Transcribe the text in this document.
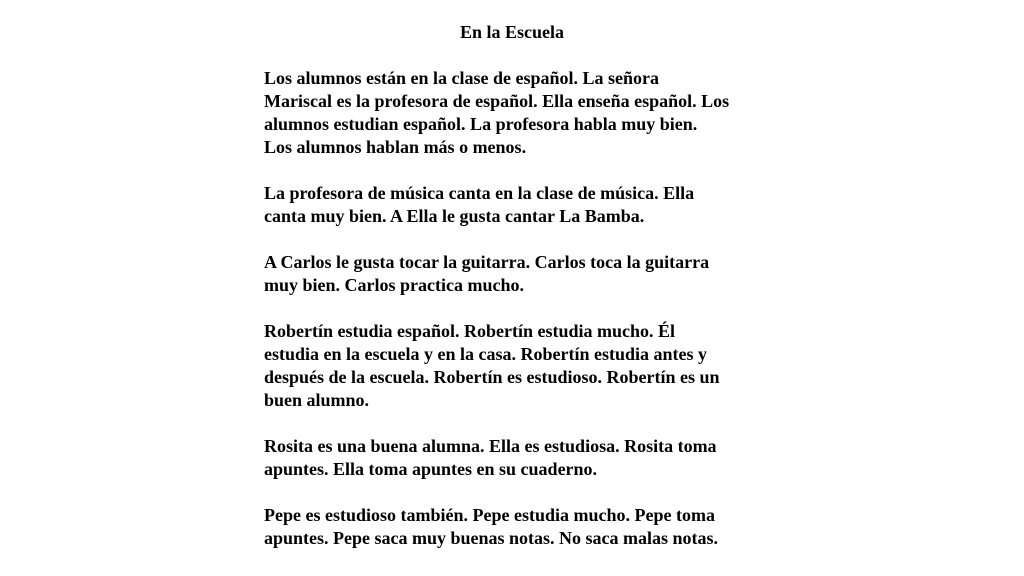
En la Escuela

Los alumnos están en la clase de español. La señora
Mariscal es la profesora de español. Ella enseña español. Los
alumnos estudian español. La profesora habla muy bien.
Los alumnos hablan más o menos.

La profesora de música canta en la clase de música. Ella
canta muy bien. A Ella le gusta cantar La Bamba.

A Carlos le gusta tocar la guitarra. Carlos toca la guitarra
muy bien. Carlos practica mucho.

Robertín estudia español. Robertín estudia mucho. Él
estudia en la escuela y en la casa. Robertín estudia antes y
después de la escuela. Robertín es estudioso. Robertín es un
buen alumno.

Rosita es una buena alumna. Ella es estudiosa. Rosita toma
apuntes. Ella toma apuntes en su cuaderno.

Pepe es estudioso también. Pepe estudia mucho. Pepe toma
apuntes. Pepe saca muy buenas notas. No saca malas notas.
